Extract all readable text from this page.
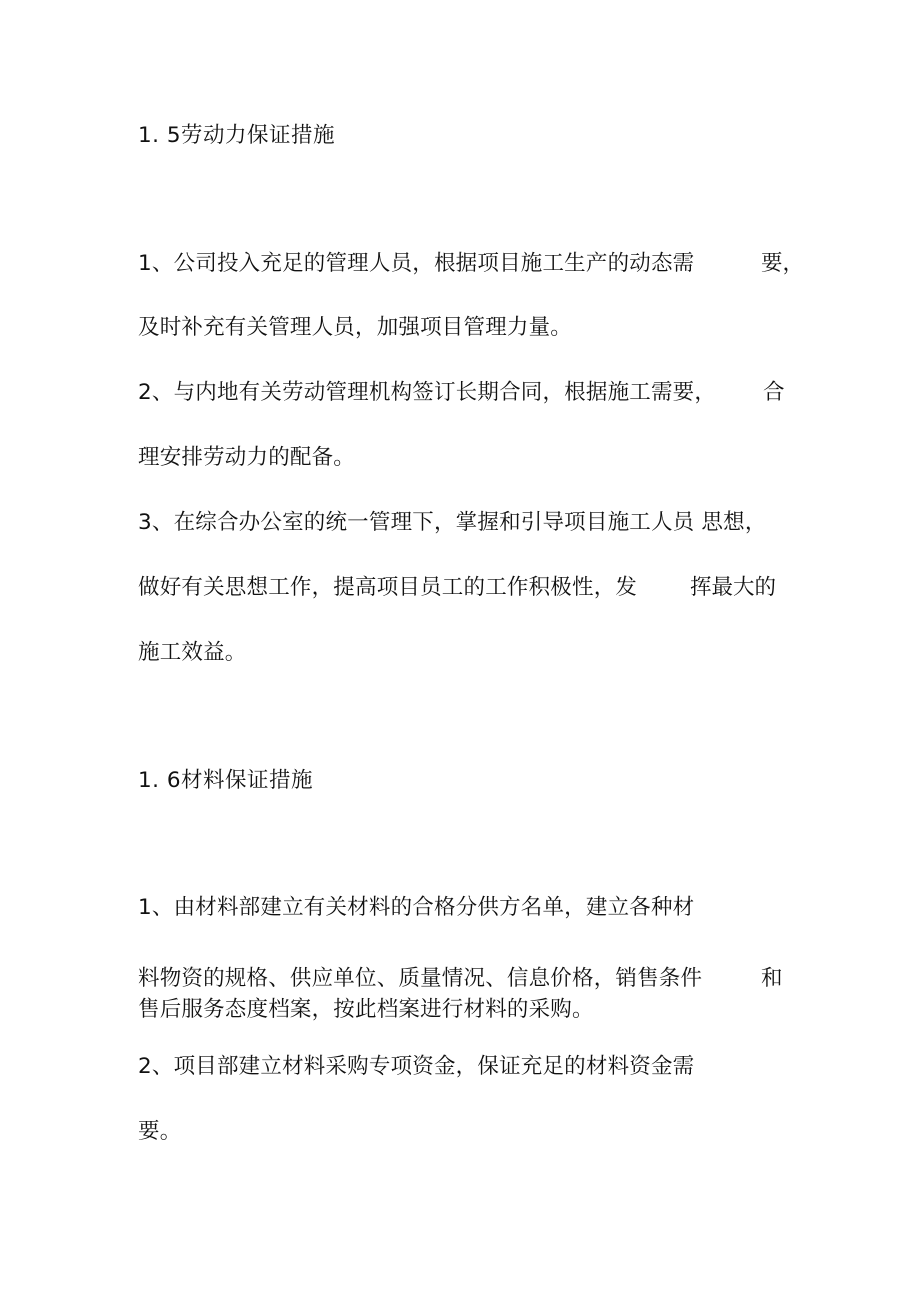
1. 5劳动力保证措施
1、公司投入充足的管理人员，根据项目施工生产的动态需	要，
及时补充有关管理人员，加强项目管理力量。
2、与内地有关劳动管理机构签订长期合同，根据施工需要， 合
理安排劳动力的配备。
3、在综合办公室的统一管理下，掌握和引导项目施工人员 思想，
做好有关思想工作，提高项目员工的工作积极性，发 挥最大的
施工效益。
1. 6材料保证措施
1、由材料部建立有关材料的合格分供方名单，建立各种材
料物资的规格、供应单位、质量情况、信息价格，销售条件	和
售后服务态度档案，按此档案进行材料的采购。
2、项目部建立材料采购专项资金，保证充足的材料资金需
要。
